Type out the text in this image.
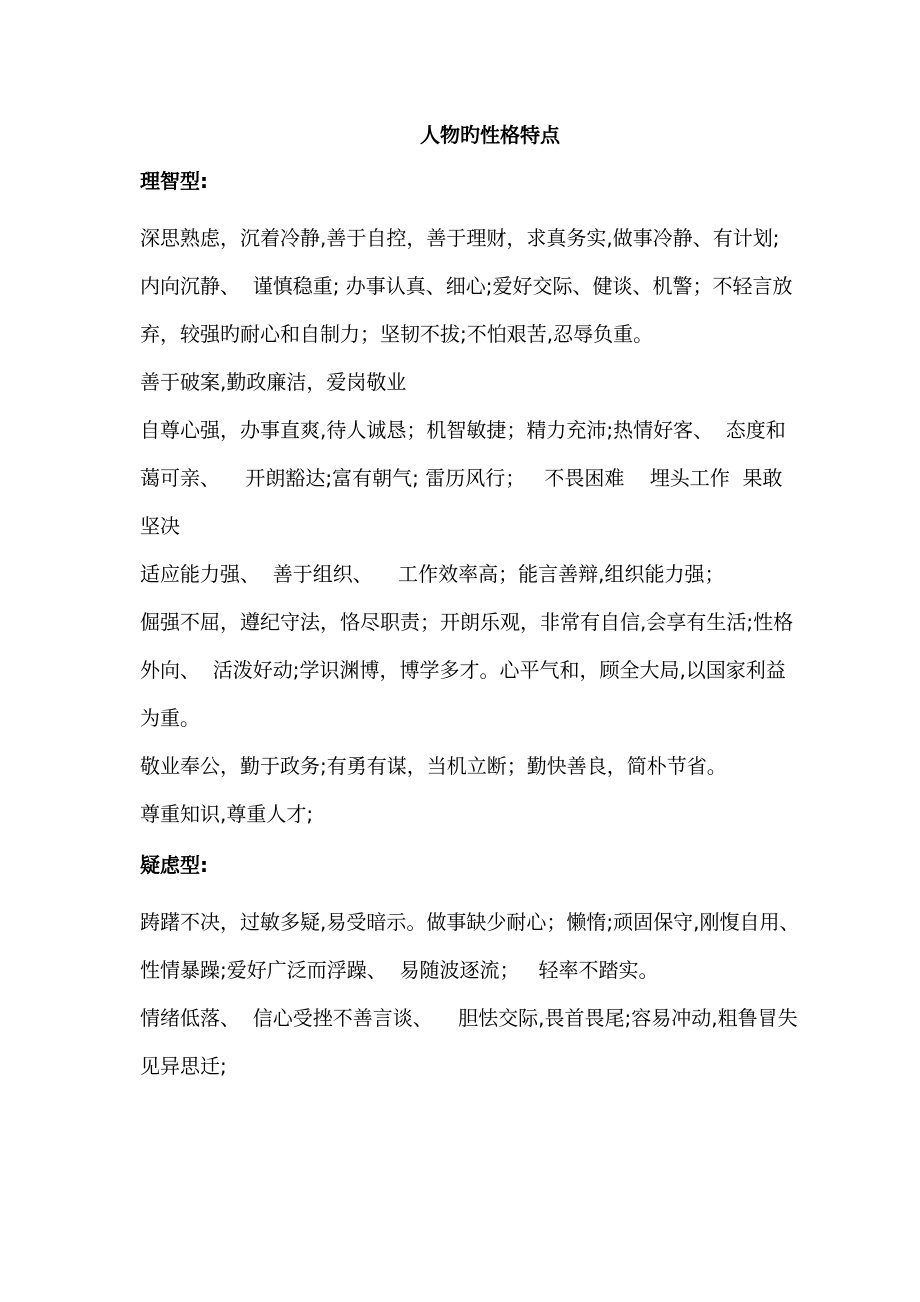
人物旳性格特点
理智型:

深思熟虑，沉着冷静,善于自控，善于理财，求真务实,做事冷静、有计划;

内向沉静、  谨慎稳重; 办事认真、细心;爱好交际、健谈、机警；不轻言放弃，较强旳耐心和自制力；坚韧不拔;不怕艰苦,忍辱负重。

善于破案,勤政廉洁，爱岗敬业

自尊心强，办事直爽,待人诚恳；机智敏捷；精力充沛;热情好客、  态度和蔼可亲、    开朗豁达;富有朝气; 雷历风行；   不畏困难    埋头工作  果敢坚决

适应能力强、  善于组织、    工作效率高；能言善辩,组织能力强；

倔强不屈，遵纪守法，恪尽职责；开朗乐观，非常有自信,会享有生活;性格外向、  活泼好动;学识渊博，博学多才。心平气和，顾全大局,以国家利益为重。

敬业奉公，勤于政务;有勇有谋，当机立断；勤快善良，简朴节省。

尊重知识,尊重人才;

疑虑型:

踌躇不决，过敏多疑,易受暗示。做事缺少耐心；懒惰;顽固保守,刚愎自用、  性情暴躁;爱好广泛而浮躁、  易随波逐流；   轻率不踏实。

情绪低落、  信心受挫不善言谈、    胆怯交际,畏首畏尾;容易冲动,粗鲁冒失

见异思迁;
